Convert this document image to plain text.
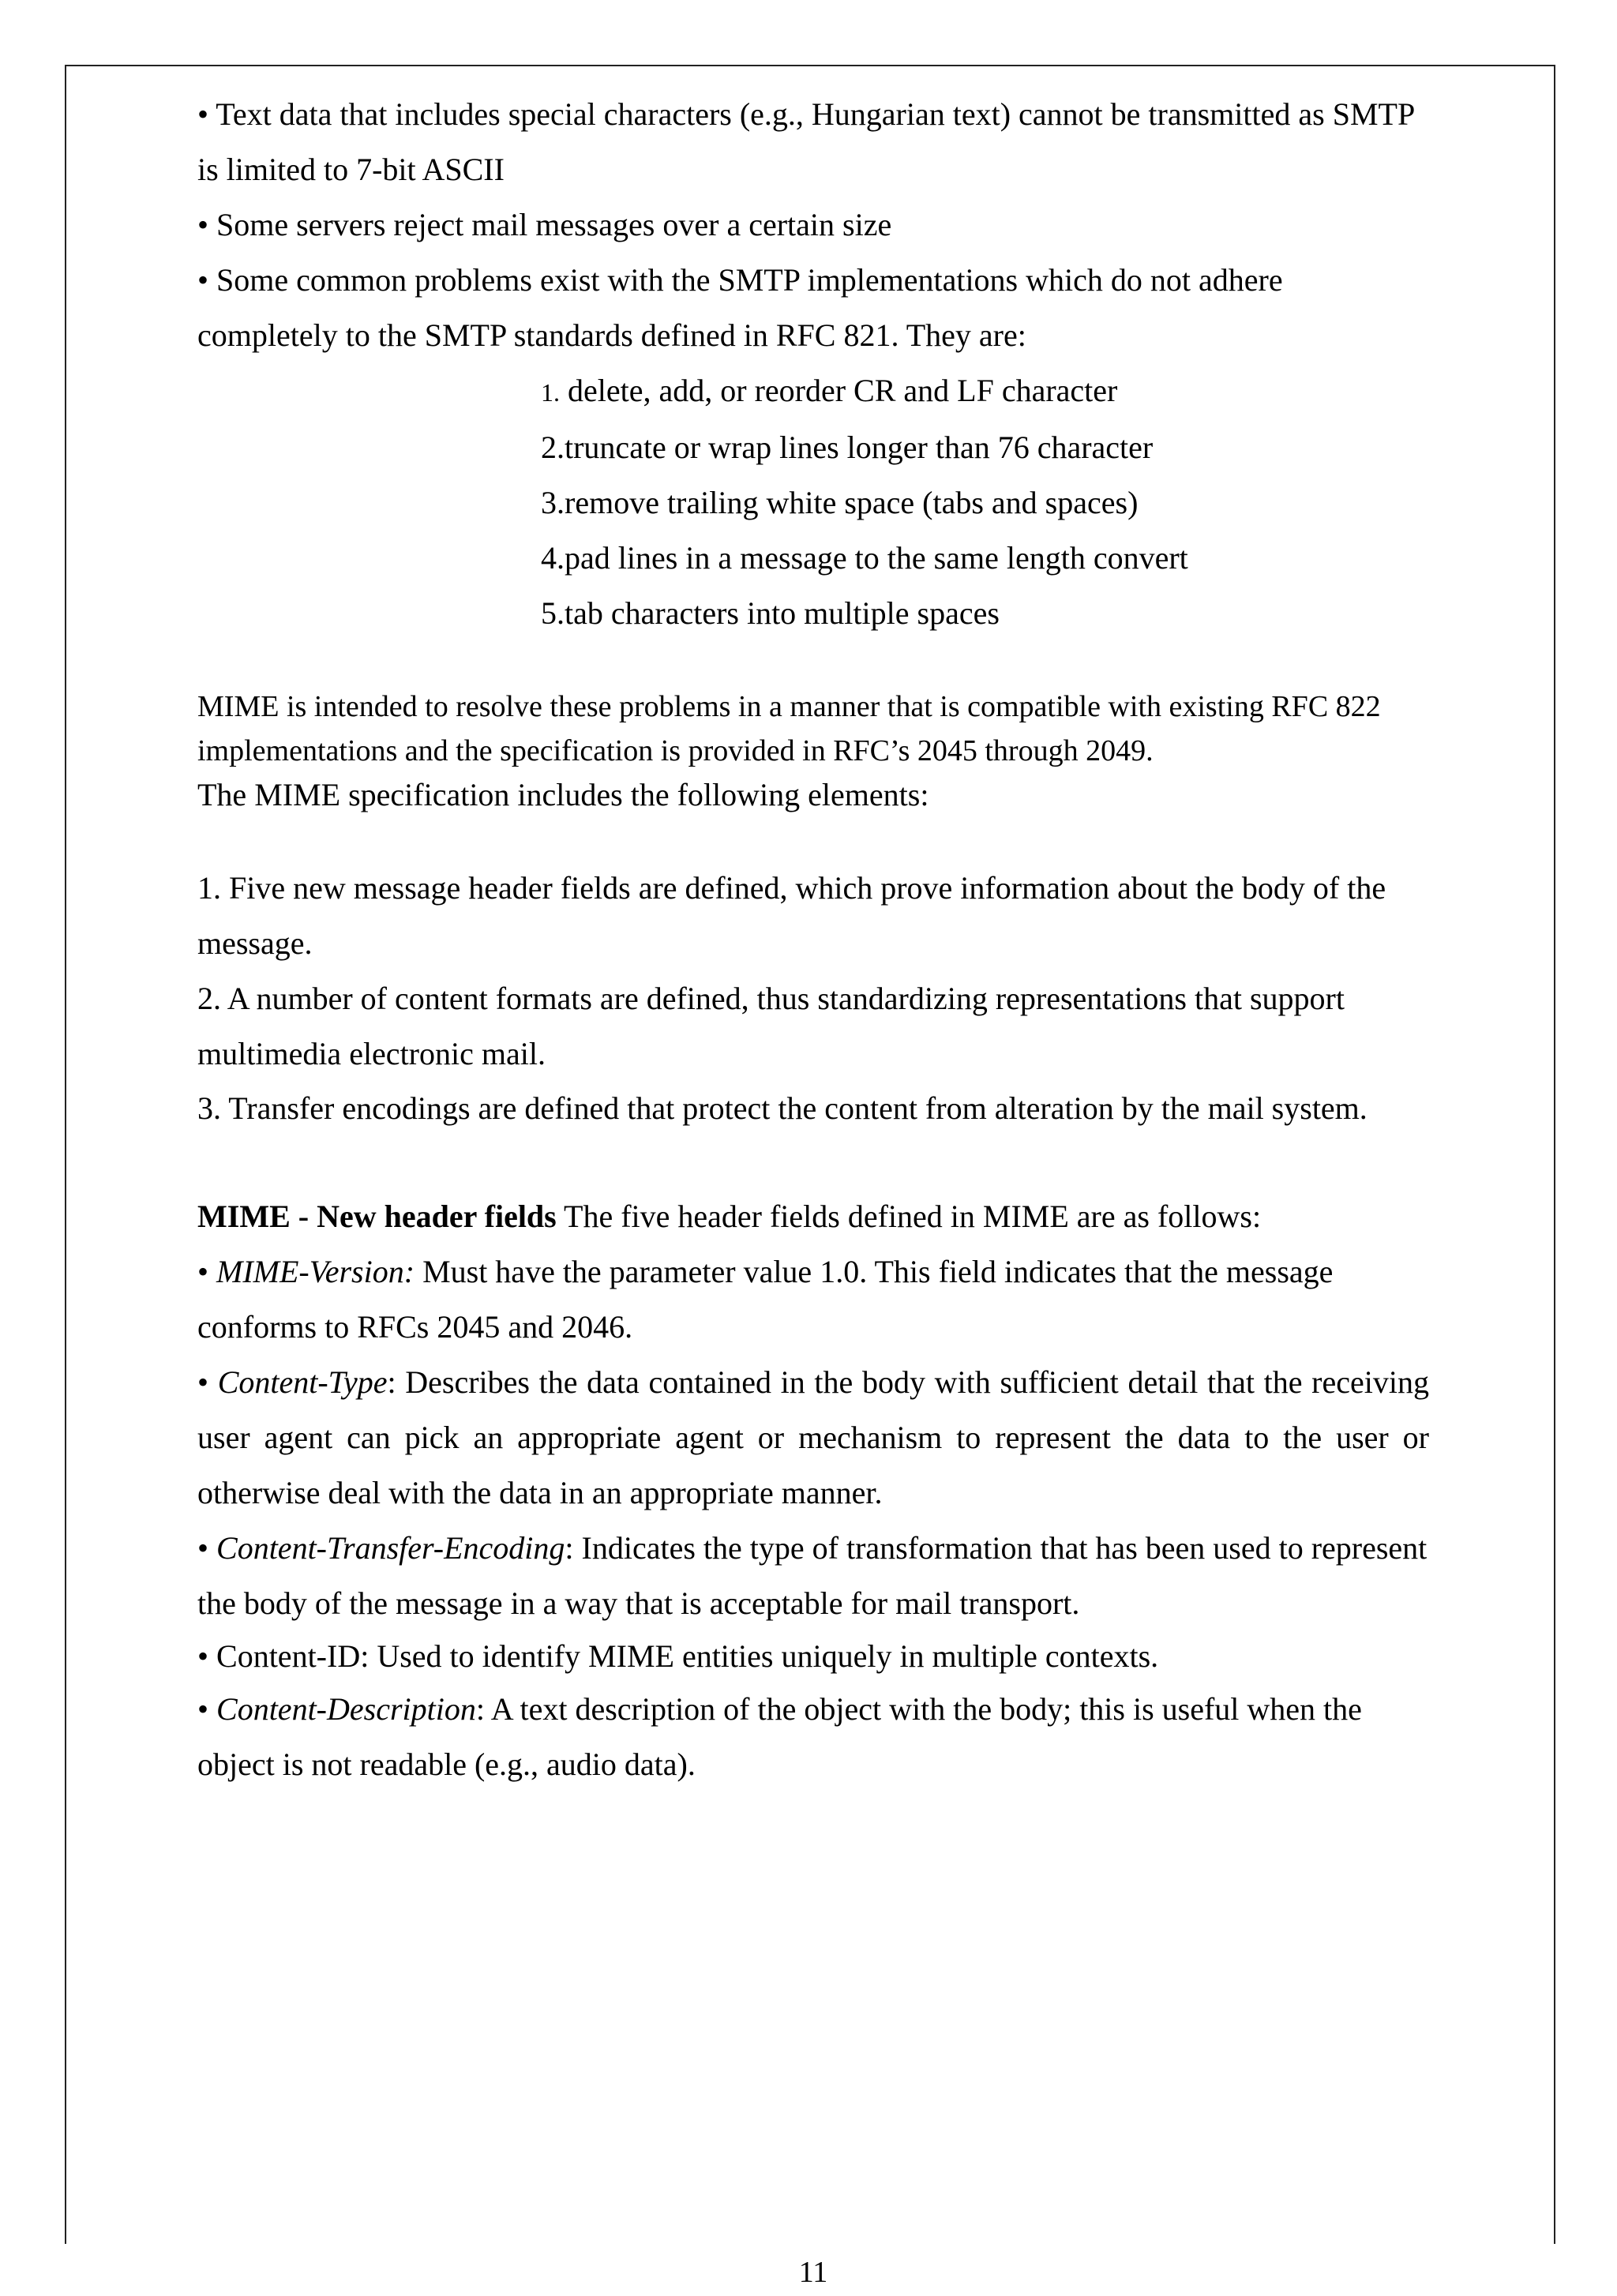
• Text data that includes special characters (e.g., Hungarian text) cannot be transmitted as SMTP is limited to 7-bit ASCII

• Some servers reject mail messages over a certain size

• Some common problems exist with the SMTP implementations which do not adhere completely to the SMTP standards defined in RFC 821. They are:

1. delete, add, or reorder CR and LF character

2.truncate or wrap lines longer than 76 character

3.remove trailing white space (tabs and spaces)

4.pad lines in a message to the same length convert

5.tab characters into multiple spaces

MIME is intended to resolve these problems in a manner that is compatible with existing RFC 822 implementations and the specification is provided in RFC’s 2045 through 2049.

The MIME specification includes the following elements:

1. Five new message header fields are defined, which prove information about the body of the message.

2. A number of content formats are defined, thus standardizing representations that support multimedia electronic mail.

3. Transfer encodings are defined that protect the content from alteration by the mail system.

MIME - New header fields The five header fields defined in MIME are as follows:

• MIME-Version: Must have the parameter value 1.0. This field indicates that the message conforms to RFCs 2045 and 2046.

• Content-Type: Describes the data contained in the body with sufficient detail that the receiving user agent can pick an appropriate agent or mechanism to represent the data to the user or otherwise deal with the data in an appropriate manner.

• Content-Transfer-Encoding: Indicates the type of transformation that has been used to represent the body of the message in a way that is acceptable for mail transport.

• Content-ID: Used to identify MIME entities uniquely in multiple contexts.

• Content-Description: A text description of the object with the body; this is useful when the object is not readable (e.g., audio data).

11
